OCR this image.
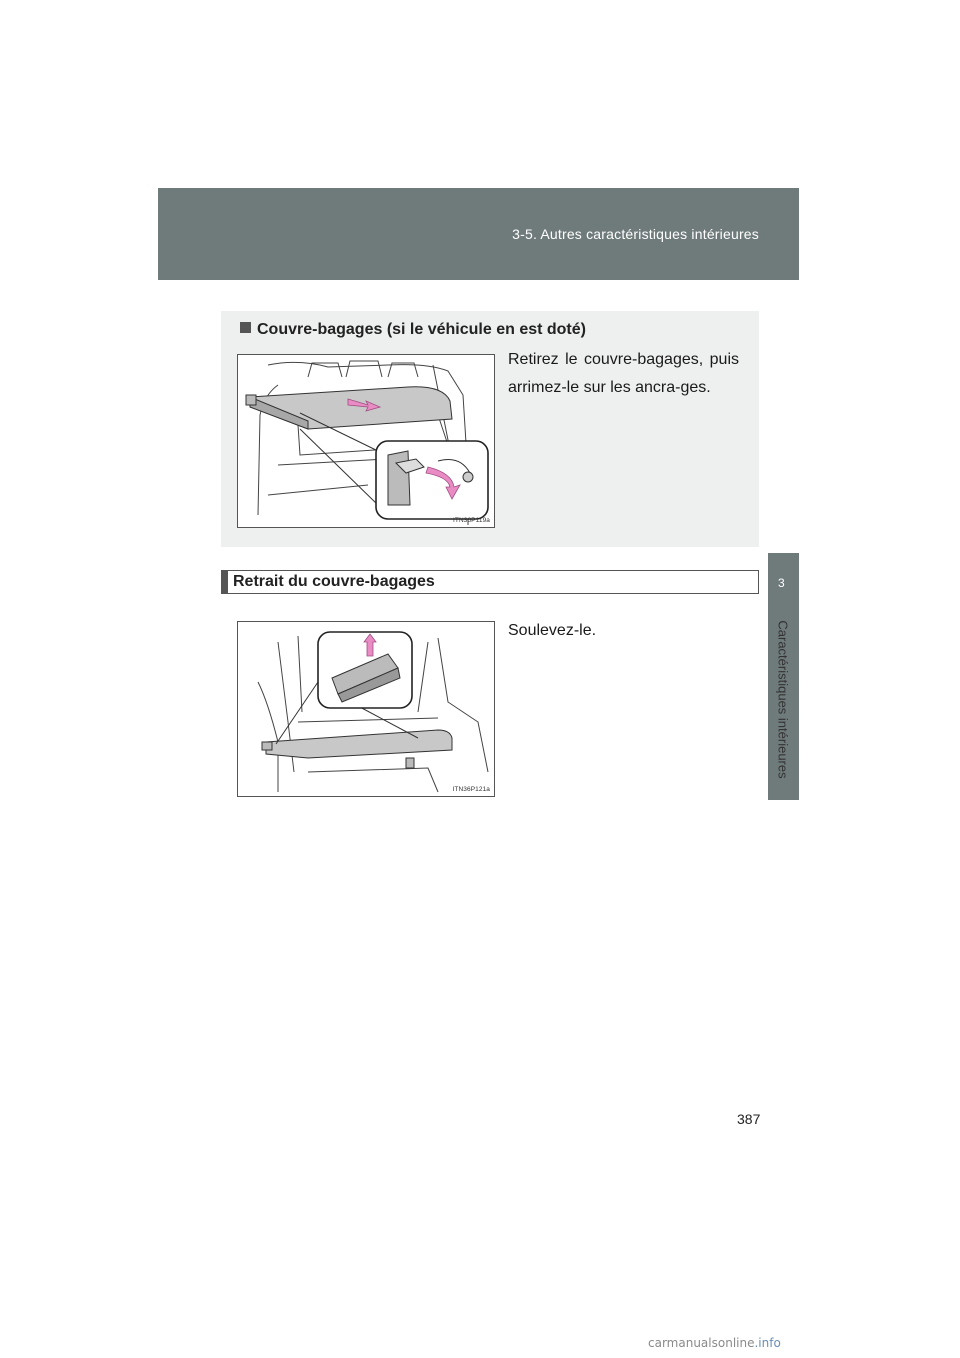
3-5. Autres caractéristiques intérieures
3
Caractéristiques intérieures
Couvre-bagages (si le véhicule en est doté)
ITN36P119a
Retirez le couvre-bagages, puis arrimez-le sur les ancra-ges.
Retrait du couvre-bagages
ITN36P121a
Soulevez-le.
387
carmanualsonline.info
